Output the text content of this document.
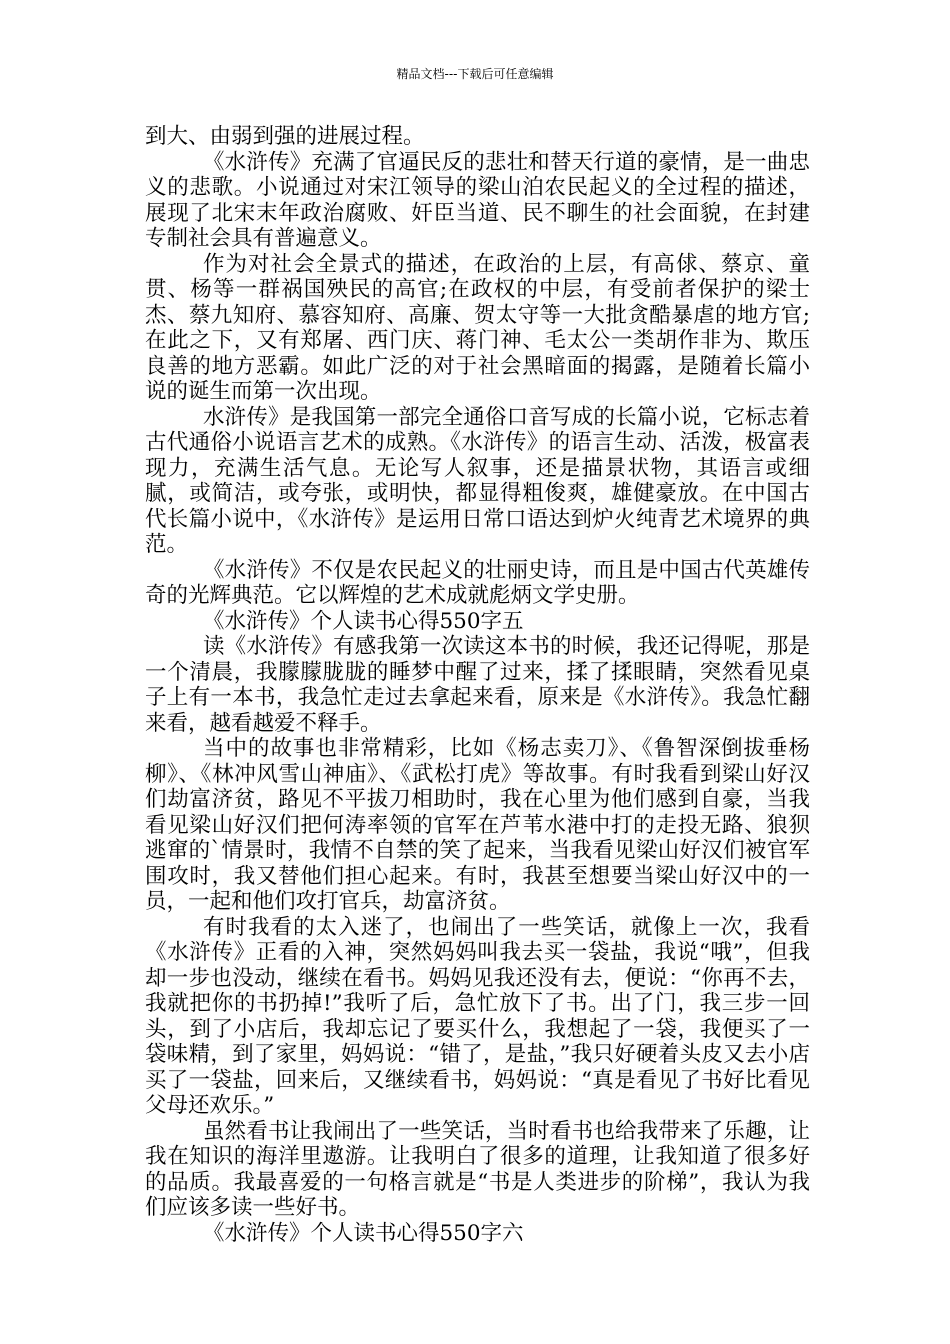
精品文档---下载后可任意编辑

到大、由弱到强的进展过程。

《水浒传》充满了官逼民反的悲壮和替天行道的豪情，是一曲忠义的悲歌。小说通过对宋江领导的梁山泊农民起义的全过程的描述，展现了北宋末年政治腐败、奸臣当道、民不聊生的社会面貌，在封建专制社会具有普遍意义。

作为对社会全景式的描述，在政治的上层，有高俅、蔡京、童贯、杨等一群祸国殃民的高官;在政权的中层，有受前者保护的梁士杰、蔡九知府、慕容知府、高廉、贺太守等一大批贪酷暴虐的地方官;在此之下，又有郑屠、西门庆、蒋门神、毛太公一类胡作非为、欺压良善的地方恶霸。如此广泛的对于社会黑暗面的揭露，是随着长篇小说的诞生而第一次出现。

水浒传》是我国第一部完全通俗口音写成的长篇小说，它标志着古代通俗小说语言艺术的成熟。《水浒传》的语言生动、活泼，极富表现力，充满生活气息。无论写人叙事，还是描景状物，其语言或细腻，或简洁，或夸张，或明快，都显得粗俊爽，雄健豪放。在中国古代长篇小说中，《水浒传》是运用日常口语达到炉火纯青艺术境界的典范。

《水浒传》不仅是农民起义的壮丽史诗，而且是中国古代英雄传奇的光辉典范。它以辉煌的艺术成就彪炳文学史册。

《水浒传》个人读书心得550字五

读《水浒传》有感我第一次读这本书的时候，我还记得呢，那是一个清晨，我朦朦胧胧的睡梦中醒了过来，揉了揉眼睛，突然看见桌子上有一本书，我急忙走过去拿起来看，原来是《水浒传》。我急忙翻来看，越看越爱不释手。

当中的故事也非常精彩，比如《杨志卖刀》、《鲁智深倒拔垂杨柳》、《林冲风雪山神庙》、《武松打虎》等故事。有时我看到梁山好汉们劫富济贫，路见不平拔刀相助时，我在心里为他们感到自豪，当我看见梁山好汉们把何涛率领的官军在芦苇水港中打的走投无路、狼狈逃窜的`情景时，我情不自禁的笑了起来，当我看见梁山好汉们被官军围攻时，我又替他们担心起来。有时，我甚至想要当梁山好汉中的一员，一起和他们攻打官兵，劫富济贫。

有时我看的太入迷了，也闹出了一些笑话，就像上一次，我看《水浒传》正看的入神，突然妈妈叫我去买一袋盐，我说“哦”，但我却一步也没动，继续在看书。妈妈见我还没有去，便说：“你再不去，我就把你的书扔掉!”我听了后，急忙放下了书。出了门，我三步一回头，到了小店后，我却忘记了要买什么，我想起了一袋，我便买了一袋味精，到了家里，妈妈说：“错了，是盐，”我只好硬着头皮又去小店买了一袋盐，回来后，又继续看书，妈妈说：“真是看见了书好比看见父母还欢乐。”

虽然看书让我闹出了一些笑话，当时看书也给我带来了乐趣，让我在知识的海洋里遨游。让我明白了很多的道理，让我知道了很多好的品质。我最喜爱的一句格言就是“书是人类进步的阶梯”，我认为我们应该多读一些好书。

《水浒传》个人读书心得550字六
